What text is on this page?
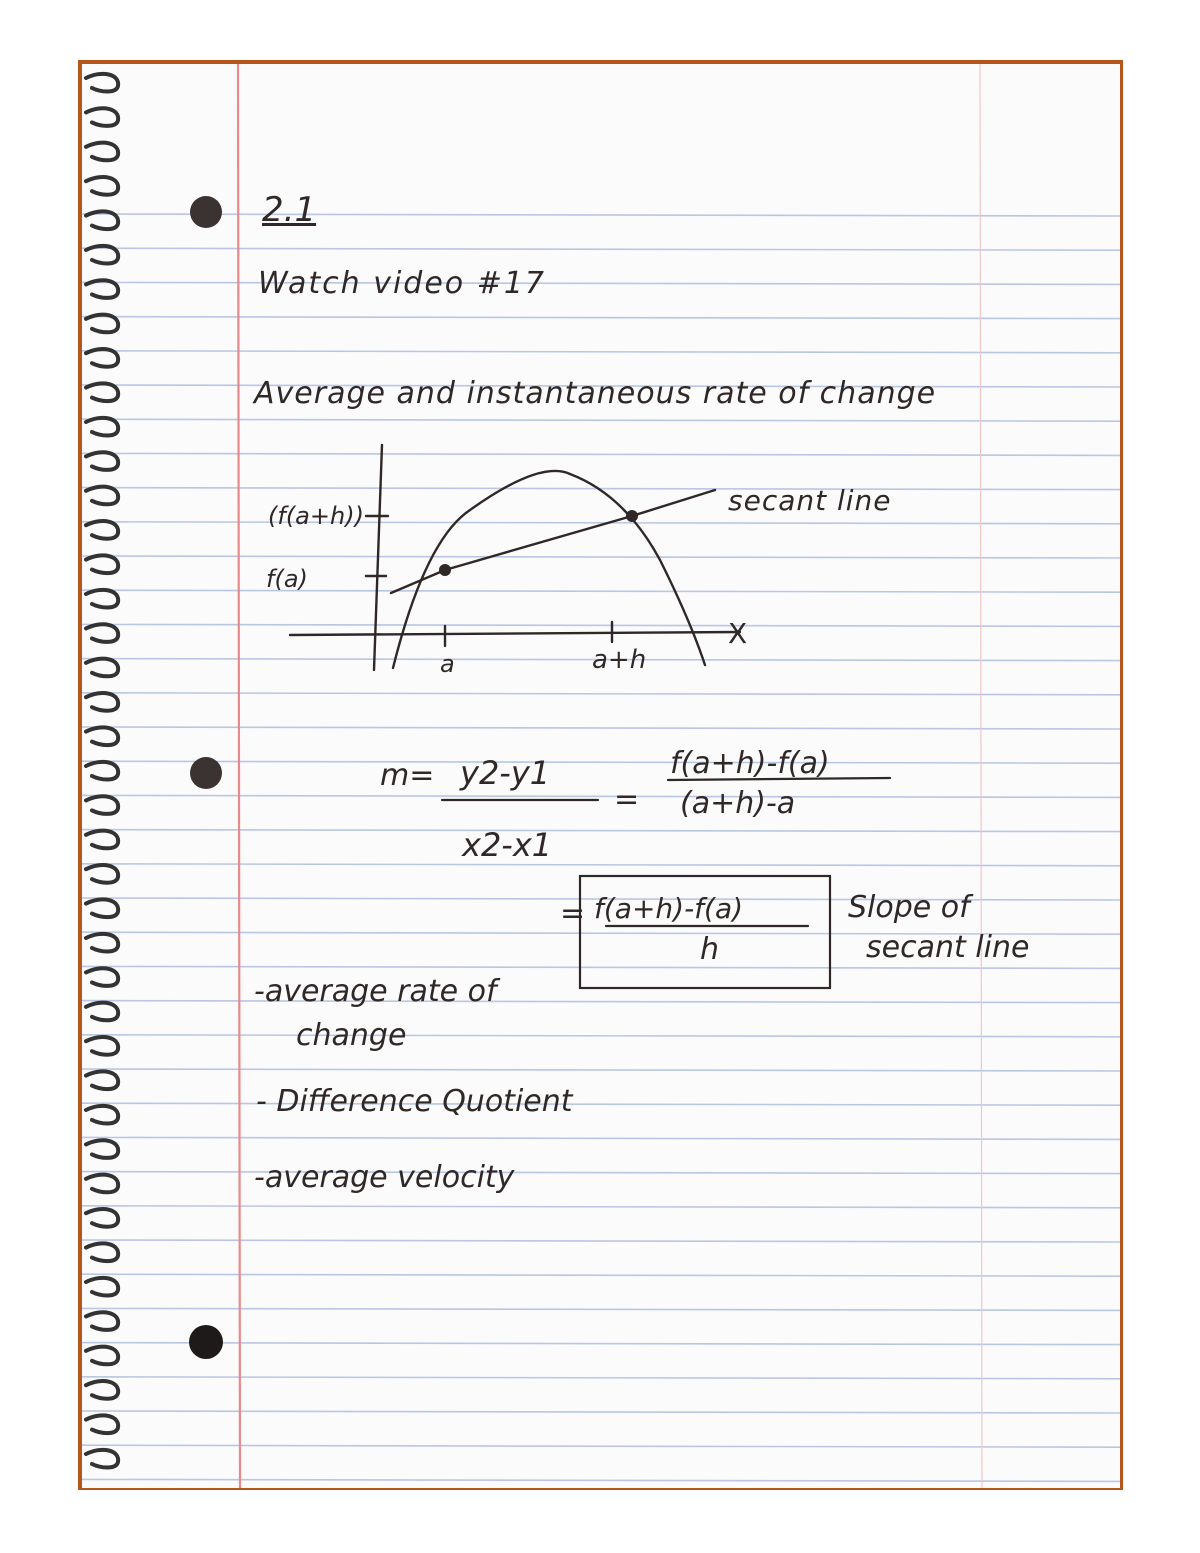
2.1
Watch video #17
Average and instantaneous rate of change
(f(a+h))
f(a)
a	a+h
X
secant line
m= y2-y1
x2-x1
=
f(a+h)-f(a)
(a+h)-a
= f(a+h)-f(a)
h
Slope of
secant line
-average rate of
change
- Difference Quotient
-average velocity
